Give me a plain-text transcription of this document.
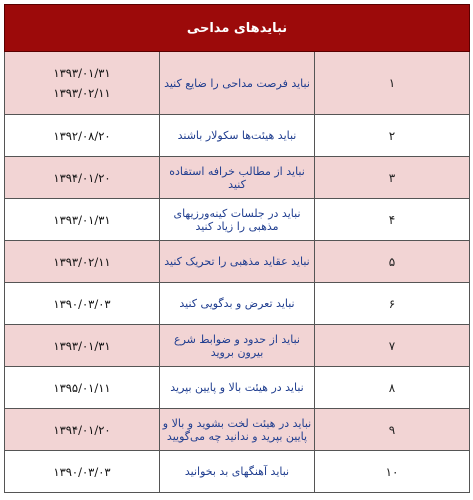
نبایدهای مداحی		
۱	نباید فرصت مداحی را ضایع کنید	۱۳۹۳/۰۱/۳۱
۱۳۹۳/۰۲/۱۱

۲	نباید هیئت‌ها سکولار باشند	۱۳۹۲/۰۸/۲۰
۳	نباید از مطالب خرافه استفاده کنید	۱۳۹۴/۰۱/۲۰
۴	نباید در جلسات کینه‌ورزیهای مذهبی را زیاد کنید	۱۳۹۳/۰۱/۳۱
۵	نباید عقاید مذهبی را تحریک کنید	۱۳۹۳/۰۲/۱۱
۶	نباید تعرض و بدگویی کنید	۱۳۹۰/۰۳/۰۳
۷	نباید از حدود و ضوابط شرع بیرون بروید	۱۳۹۳/۰۱/۳۱
۸	نباید در هیئت بالا و پایین بپرید	۱۳۹۵/۰۱/۱۱
۹	نباید در هیئت لخت بشوید و بالا و پایین بپرید و ندانید چه می‌گویید	۱۳۹۴/۰۱/۲۰
۱۰	نباید آهنگهای بد بخوانید	۱۳۹۰/۰۳/۰۳
